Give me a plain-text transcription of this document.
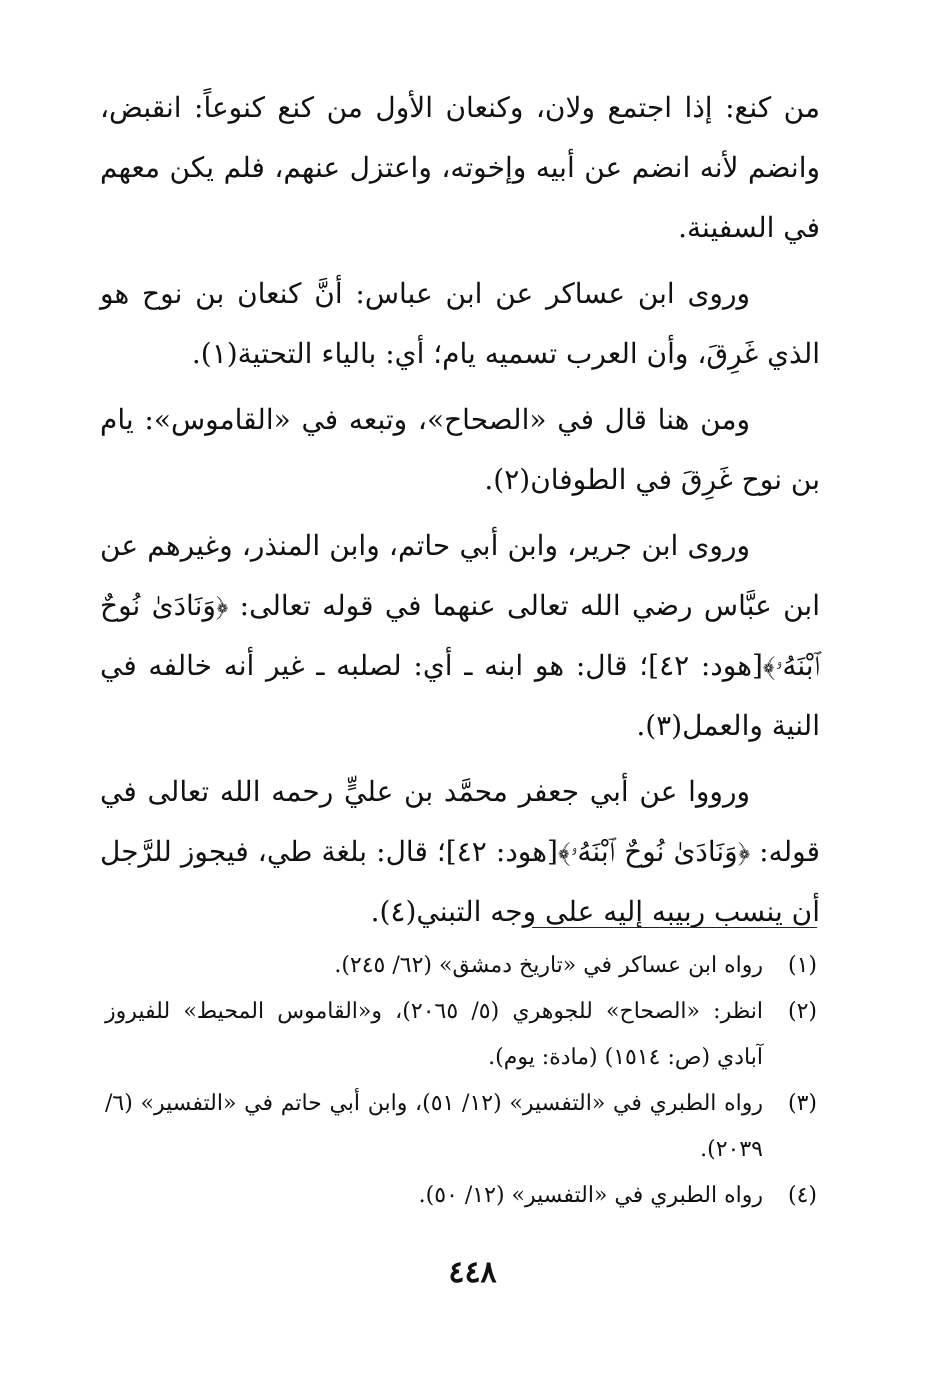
من كنع: إذا اجتمع ولان، وكنعان الأول من كنع كنوعاً: انقبض، وانضم لأنه انضم عن أبيه وإخوته، واعتزل عنهم، فلم يكن معهم في السفينة.

وروى ابن عساكر عن ابن عباس: أنَّ كنعان بن نوح هو الذي غَرِقَ، وأن العرب تسميه يام؛ أي: بالياء التحتية(١).

ومن هنا قال في «الصحاح»، وتبعه في «القاموس»: يام بن نوح غَرِقَ في الطوفان(٢).

وروى ابن جرير، وابن أبي حاتم، وابن المنذر، وغيرهم عن ابن عبَّاس رضي الله تعالى عنهما في قوله تعالى: ﴿وَنَادَىٰ نُوحٌ ٱبْنَهُۥ﴾[هود: ٤٢]؛ قال: هو ابنه ـ أي: لصلبه ـ غير أنه خالفه في النية والعمل(٣).

ورووا عن أبي جعفر محمَّد بن عليٍّ رحمه الله تعالى في قوله: ﴿وَنَادَىٰ نُوحٌ ٱبْنَهُۥ﴾[هود: ٤٢]؛ قال: بلغة طي، فيجوز للرَّجل أن ينسب ربيبه إليه على وجه التبني(٤).

(١)
رواه ابن عساكر في «تاريخ دمشق» (٦٢/ ٢٤٥).
(٢)
انظر: «الصحاح» للجوهري (٥/ ٢٠٦٥)، و«القاموس المحيط» للفيروز آبادي (ص: ١٥١٤) (مادة: يوم).
(٣)
رواه الطبري في «التفسير» (١٢/ ٥١)، وابن أبي حاتم في «التفسير» (٦/ ٢٠٣٩).
(٤)
رواه الطبري في «التفسير» (١٢/ ٥٠).
٤٤٨
